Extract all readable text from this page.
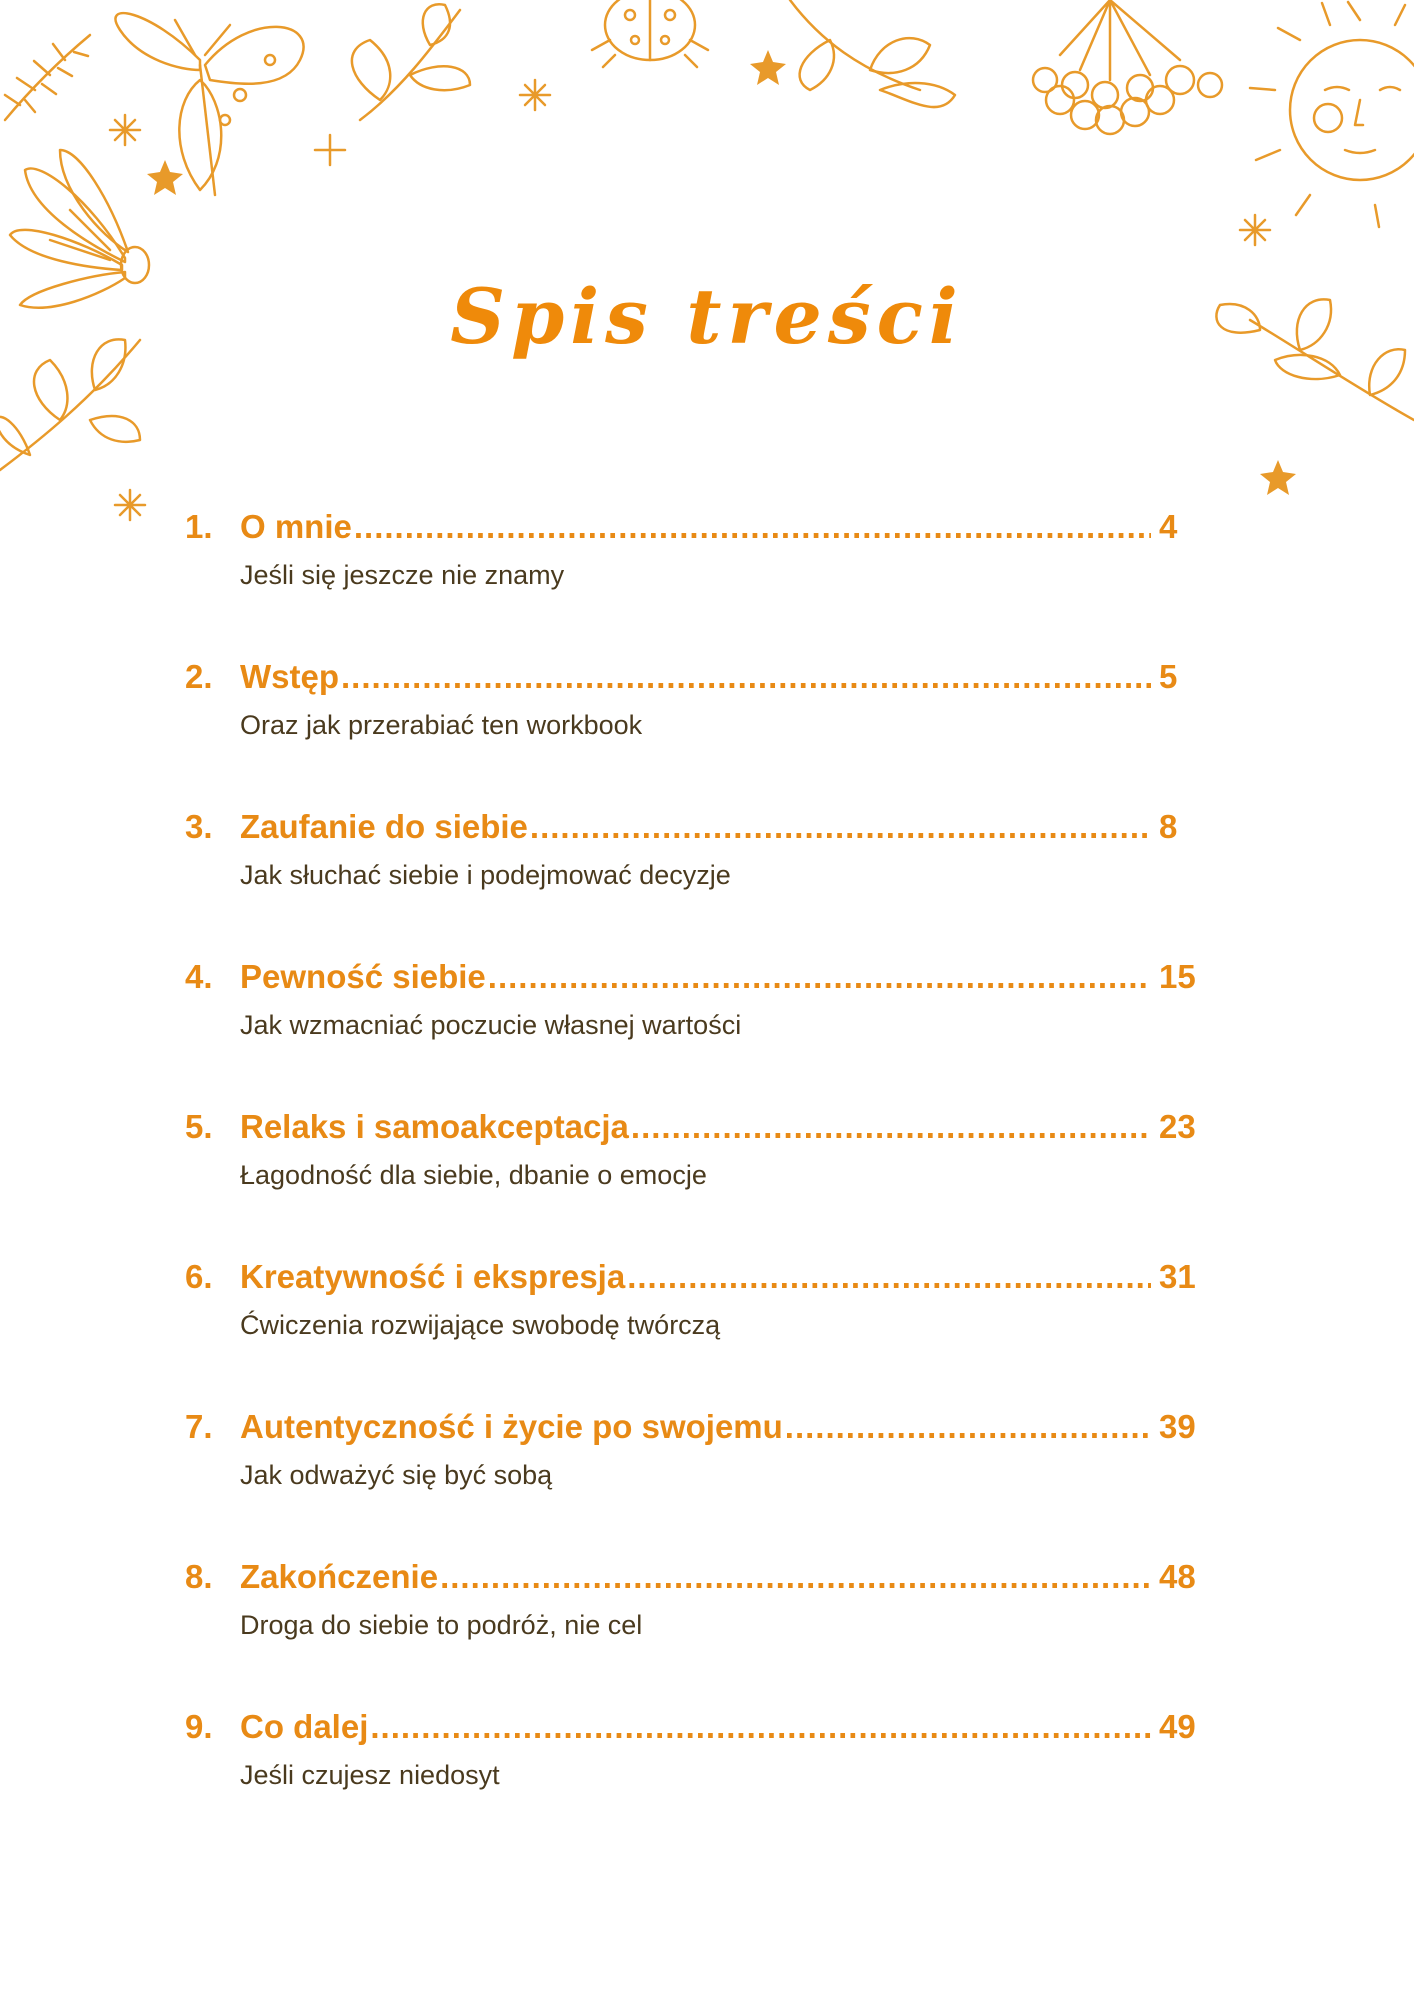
Spis treści
1. O mnie .....	4
Jeśli się jeszcze nie znamy
2. Wstęp .....	5
Oraz jak przerabiać ten workbook
3. Zaufanie do siebie .....	8
Jak słuchać siebie i podejmować decyzje
4. Pewność siebie .....	15
Jak wzmacniać poczucie własnej wartości
5. Relaks i samoakceptacja .....	23
Łagodność dla siebie, dbanie o emocje
6. Kreatywność i ekspresja .....	31
Ćwiczenia rozwijające swobodę twórczą
7. Autentyczność i życie po swojemu .....	39
Jak odważyć się być sobą
8. Zakończenie .....	48
Droga do siebie to podróż, nie cel
9. Co dalej .....	49
Jeśli czujesz niedosyt
